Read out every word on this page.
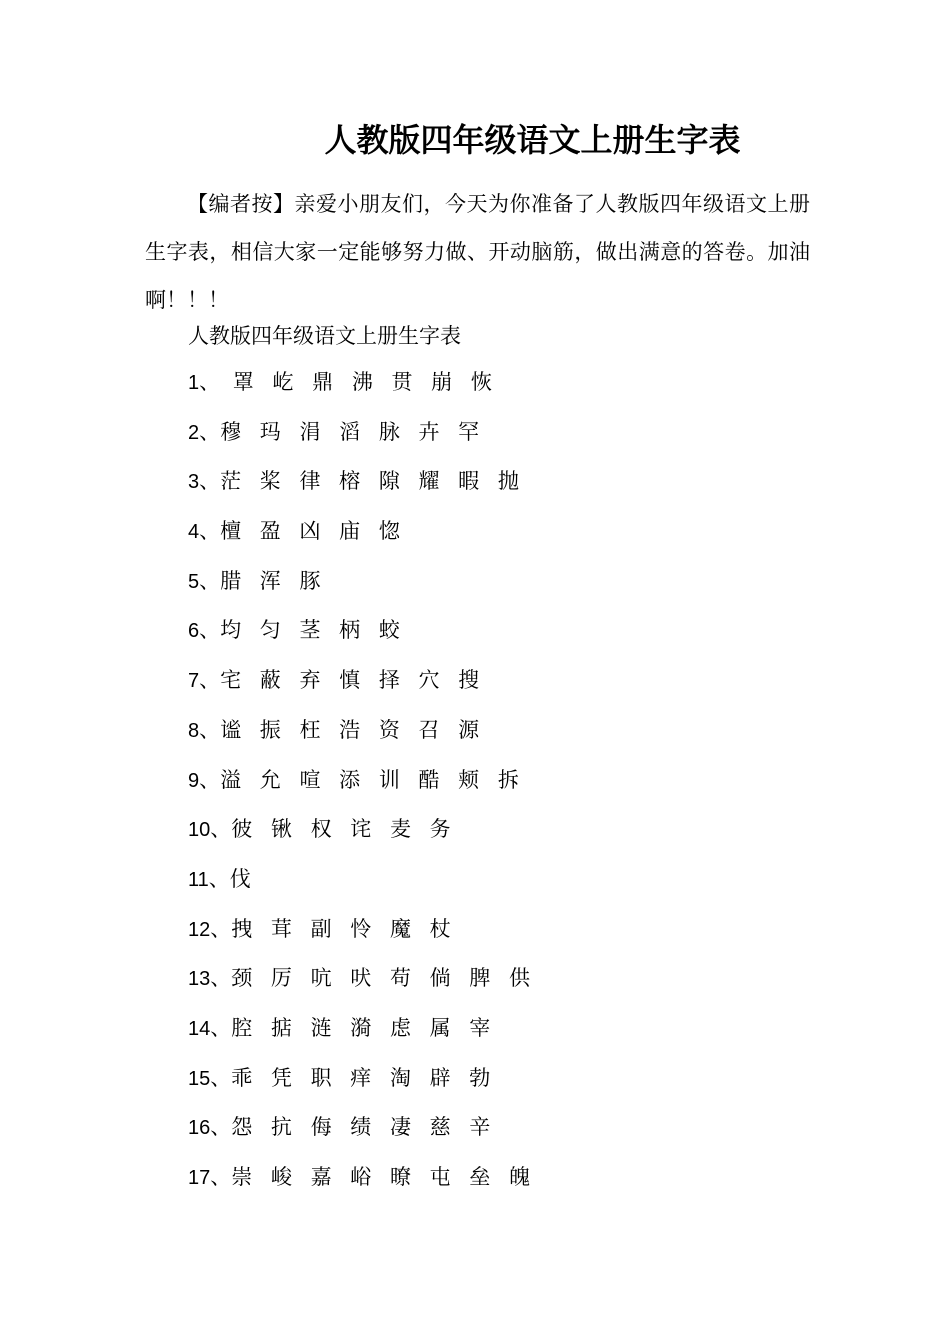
人教版四年级语文上册生字表
【编者按】亲爱小朋友们，今天为你准备了人教版四年级语文上册生字表，相信大家一定能够努力做、开动脑筋，做出满意的答卷。加油啊！！！
人教版四年级语文上册生字表
1、 罩 屹 鼎 沸 贯 崩 恢
2、穆 玛 涓 滔 脉 卉 罕
3、茫 桨 律 榕 隙 耀 暇 抛
4、檀 盈 凶 庙 惚
5、腊 浑 豚
6、均 匀 茎 柄 蛟
7、宅 蔽 弃 慎 择 穴 搜
8、谧 振 枉 浩 资 召 源
9、溢 允 喧 添 训 酷 颊 拆
10、彼 锹 权 诧 麦 务
11、伐
12、拽 茸 副 怜 魔 杖
13、颈 厉 吭 吠 苟 倘 脾 供
14、腔 掂 涟 漪 虑 属 宰
15、乖 凭 职 痒 淘 辟 勃
16、怨 抗 侮 绩 凄 慈 辛
17、崇 峻 嘉 峪 暸 屯 垒 魄
